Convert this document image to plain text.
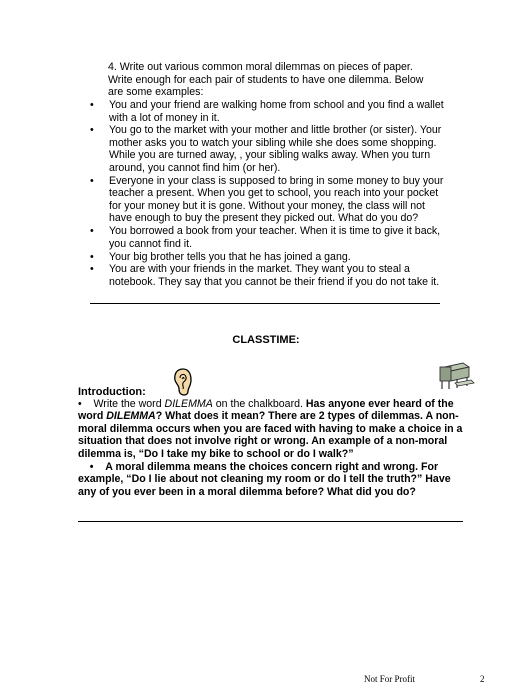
4. Write out various common moral dilemmas on pieces of paper. Write enough for each pair of students to have one dilemma. Below are some examples:
• You and your friend are walking home from school and you find a wallet with a lot of money in it.
• You go to the market with your mother and little brother (or sister). Your mother asks you to watch your sibling while she does some shopping. While you are turned away, , your sibling walks away. When you turn around, you cannot find him (or her).
• Everyone in your class is supposed to bring in some money to buy your teacher a present. When you get to school, you reach into your pocket for your money but it is gone. Without your money, the class will not have enough to buy the present they picked out. What do you do?
• You borrowed a book from your teacher. When it is time to give it back, you cannot find it.
• Your big brother tells you that he has joined a gang.
• You are with your friends in the market. They want you to steal a notebook. They say that you cannot be their friend if you do not take it.
CLASSTIME:
Introduction:

• Write the word DILEMMA on the chalkboard. Has anyone ever heard of the word DILEMMA? What does it mean? There are 2 types of dilemmas. A non-moral dilemma occurs when you are faced with having to make a choice in a situation that does not involve right or wrong. An example of a non-moral dilemma is, “Do I take my bike to school or do I walk?”

• A moral dilemma means the choices concern right and wrong. For example, “Do I lie about not cleaning my room or do I tell the truth?” Have any of you ever been in a moral dilemma before? What did you do?

Not For Profit	2
